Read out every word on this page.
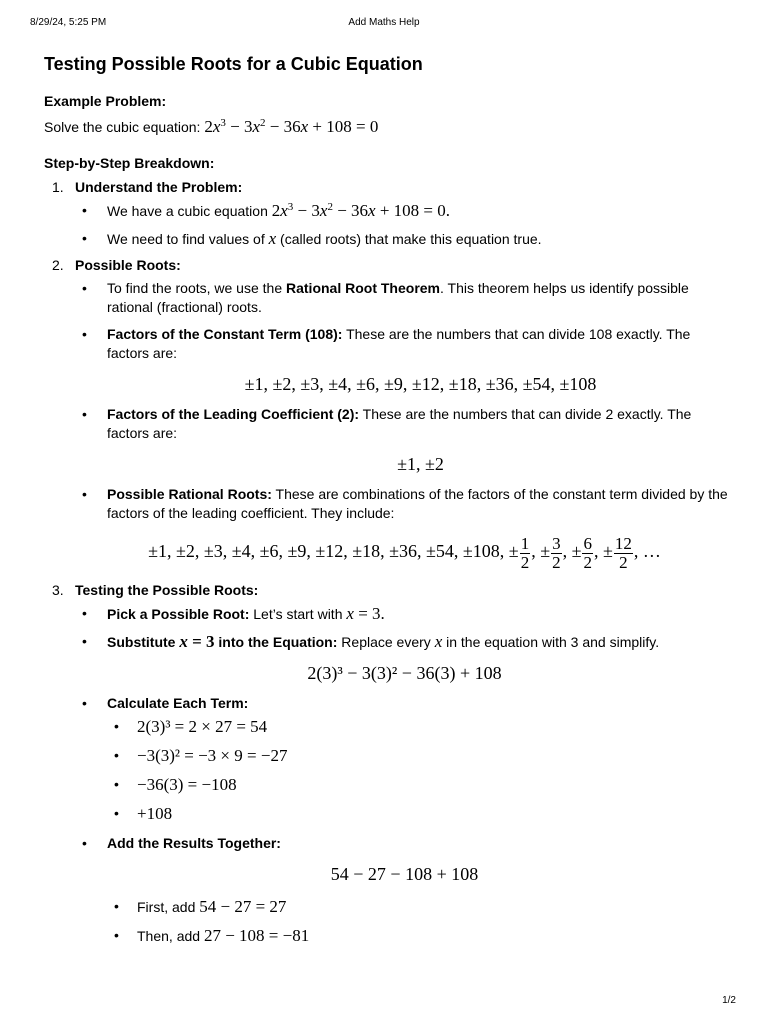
8/29/24, 5:25 PM	Add Maths Help
Testing Possible Roots for a Cubic Equation
Example Problem:
Solve the cubic equation: $2x^3 - 3x^2 - 36x + 108 = 0$
Step-by-Step Breakdown:
1. Understand the Problem:
• We have a cubic equation $2x^3 - 3x^2 - 36x + 108 = 0$.
• We need to find values of x (called roots) that make this equation true.
2. Possible Roots:
• To find the roots, we use the Rational Root Theorem. This theorem helps us identify possible rational (fractional) roots.
• Factors of the Constant Term (108): These are the numbers that can divide 108 exactly. The factors are:
±1, ±2, ±3, ±4, ±6, ±9, ±12, ±18, ±36, ±54, ±108
• Factors of the Leading Coefficient (2): These are the numbers that can divide 2 exactly. The factors are:
±1, ±2
• Possible Rational Roots: These are combinations of the factors of the constant term divided by the factors of the leading coefficient. They include:
±1, ±2, ±3, ±4, ±6, ±9, ±12, ±18, ±36, ±54, ±108, ± $\frac{1}{2}$ , ± $\frac{3}{2}$ , ± $\frac{6}{2}$ , ± $\frac{12}{2}$ , …
3. Testing the Possible Roots:
• Pick a Possible Root: Let’s start with x = 3.
• Substitute x = 3 into the Equation: Replace every x in the equation with 3 and simplify.
2(3)³ − 3(3)² − 36(3) + 108
• Calculate Each Term:
• 2(3)³ = 2 × 27 = 54
• −3(3)² = −3 × 9 = −27
• −36(3) = −108
• +108
• Add the Results Together:
54 − 27 − 108 + 108
• First, add 54 − 27 = 27
• Then, add 27 − 108 = −81
1/2
